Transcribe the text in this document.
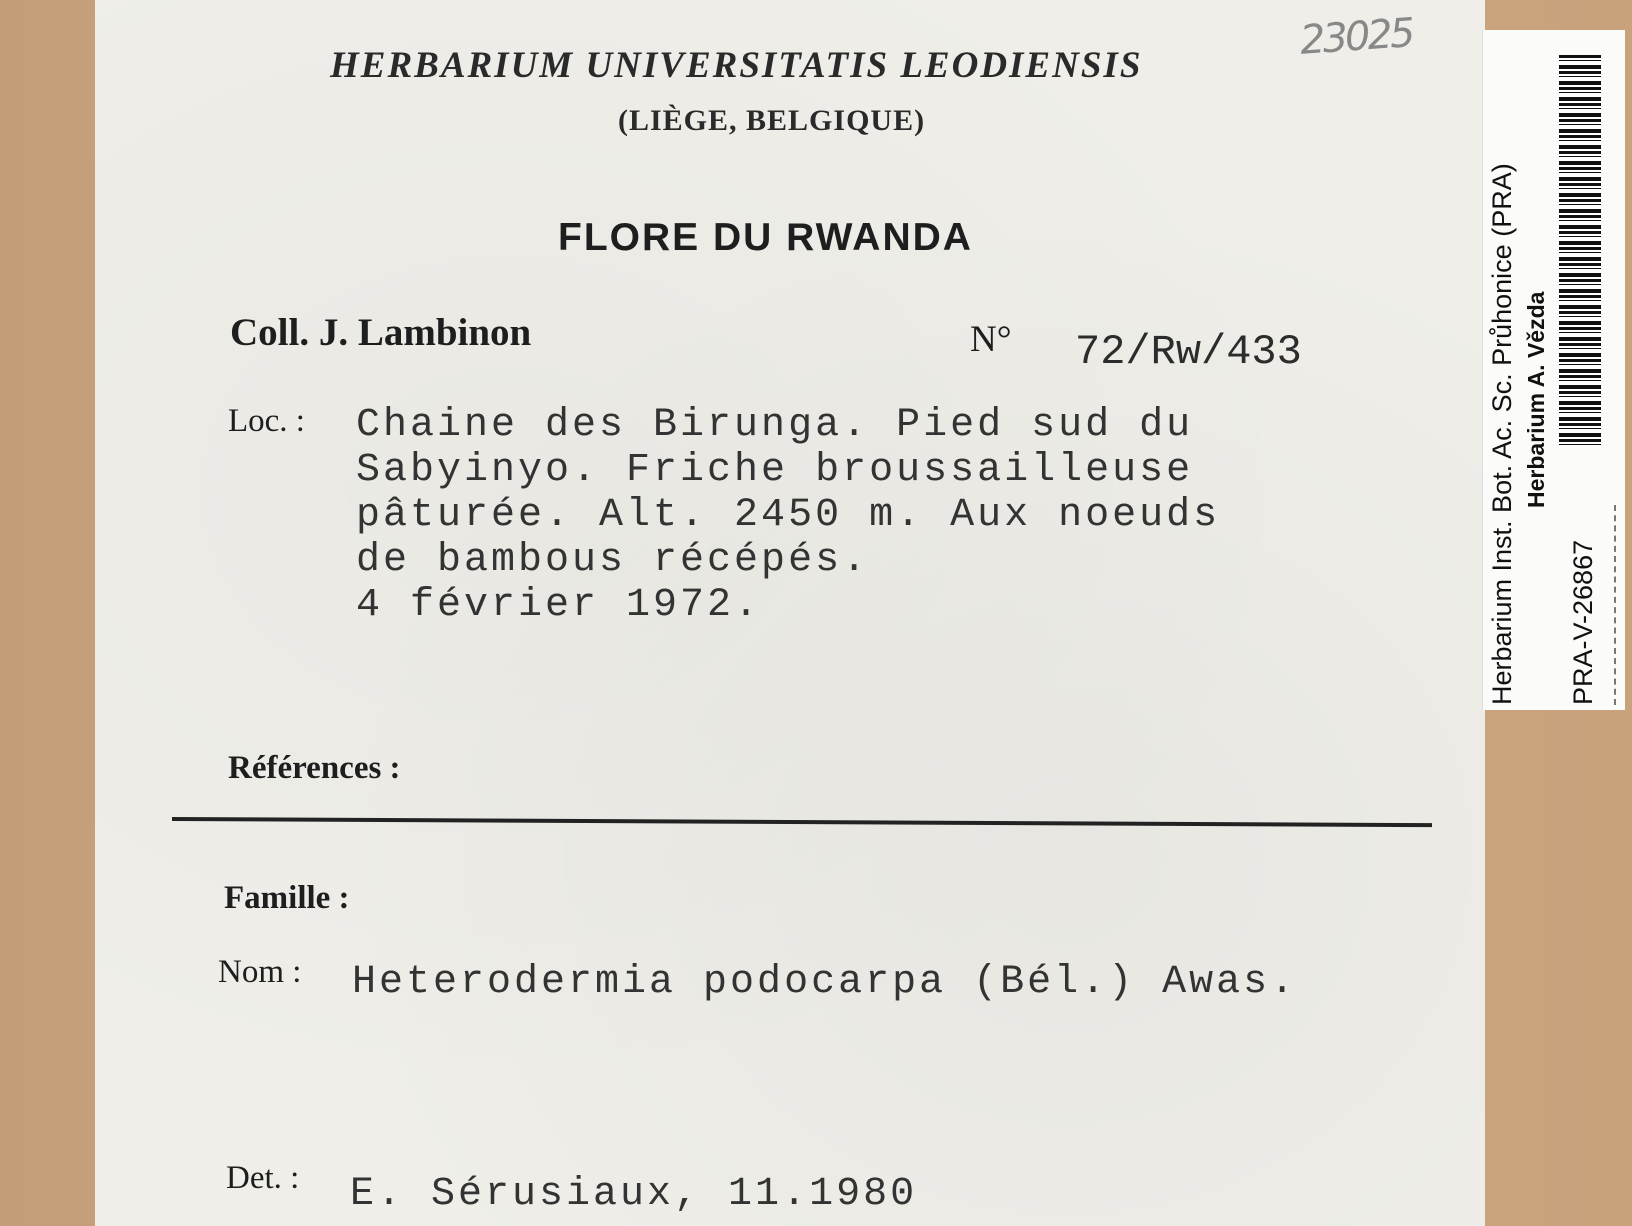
23025
HERBARIUM UNIVERSITATIS LEODIENSIS
(LIÈGE, BELGIQUE)
FLORE DU RWANDA
Coll. J. Lambinon	N° 72/Rw/433
Loc. : Chaine des Birunga. Pied sud du
Sabyinyo. Friche broussailleuse
pâturée. Alt. 2450 m. Aux noeuds
de bambous récépés.
4 février 1972.
Références :
Famille :
Nom : Heterodermia podocarpa (Bél.) Awas.
Det. : E. Sérusiaux, 11.1980
Herbarium Inst. Bot. Ac. Sc. Průhonice (PRA) Herbarium A. Vězda
PRA-V-26867
